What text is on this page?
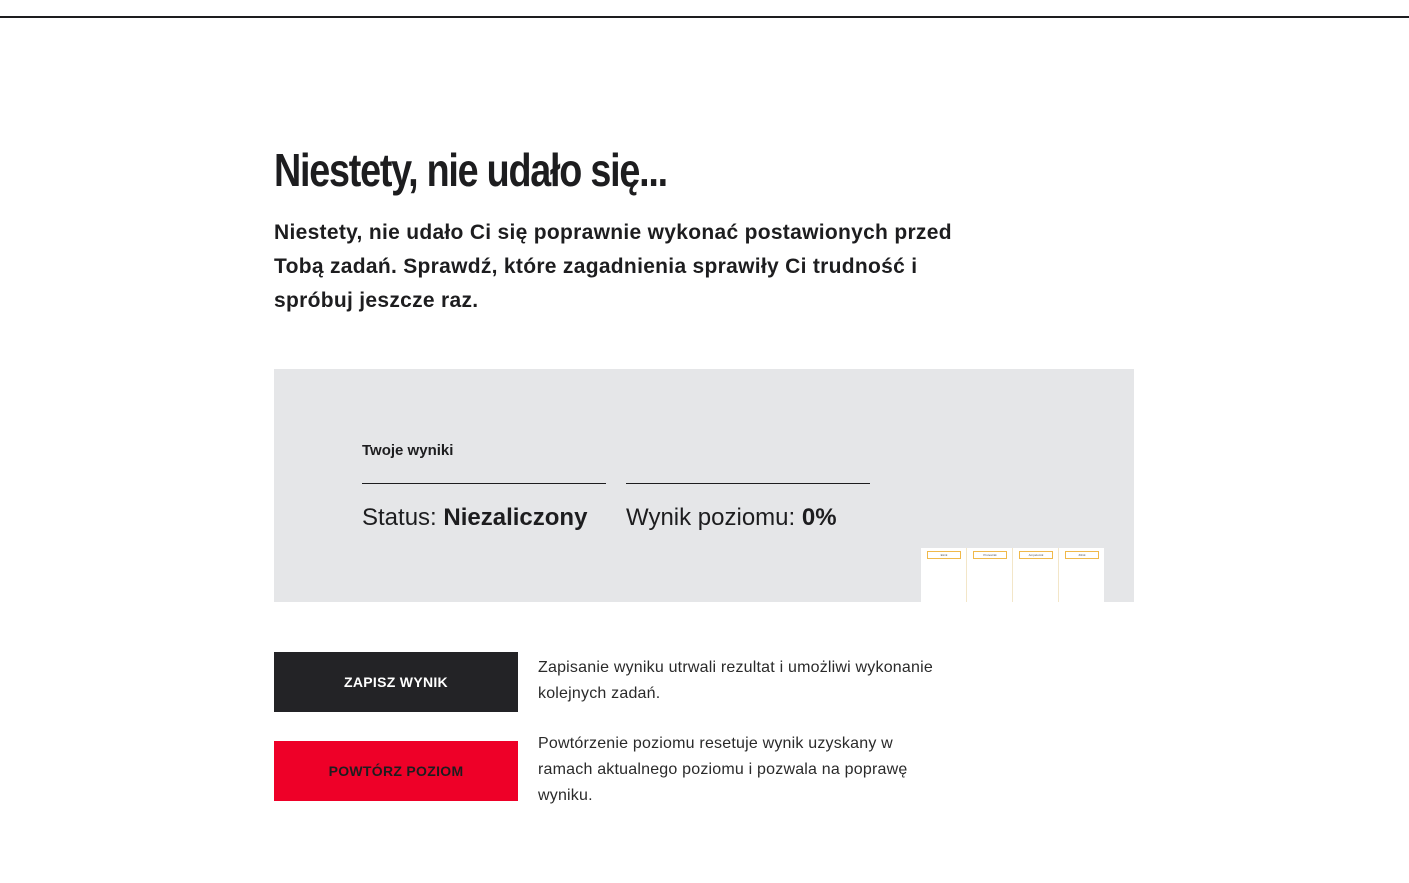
Niestety, nie udało się...

Niestety, nie udało Ci się poprawnie wykonać postawionych przed Tobą zadań. Sprawdź, które zagadnienia sprawiły Ci trudność i spróbuj jeszcze raz.

Twoje wyniki
Status: Niezaliczony	Wynik poziomu: 0%
Etnik	Protestnik	Ampelomik	Zilnik
ZAPISZ WYNIK

Zapisanie wyniku utrwali rezultat i umożliwi wykonanie kolejnych zadań.

POWTÓRZ POZIOM

Powtórzenie poziomu resetuje wynik uzyskany w ramach aktualnego poziomu i pozwala na poprawę wyniku.
